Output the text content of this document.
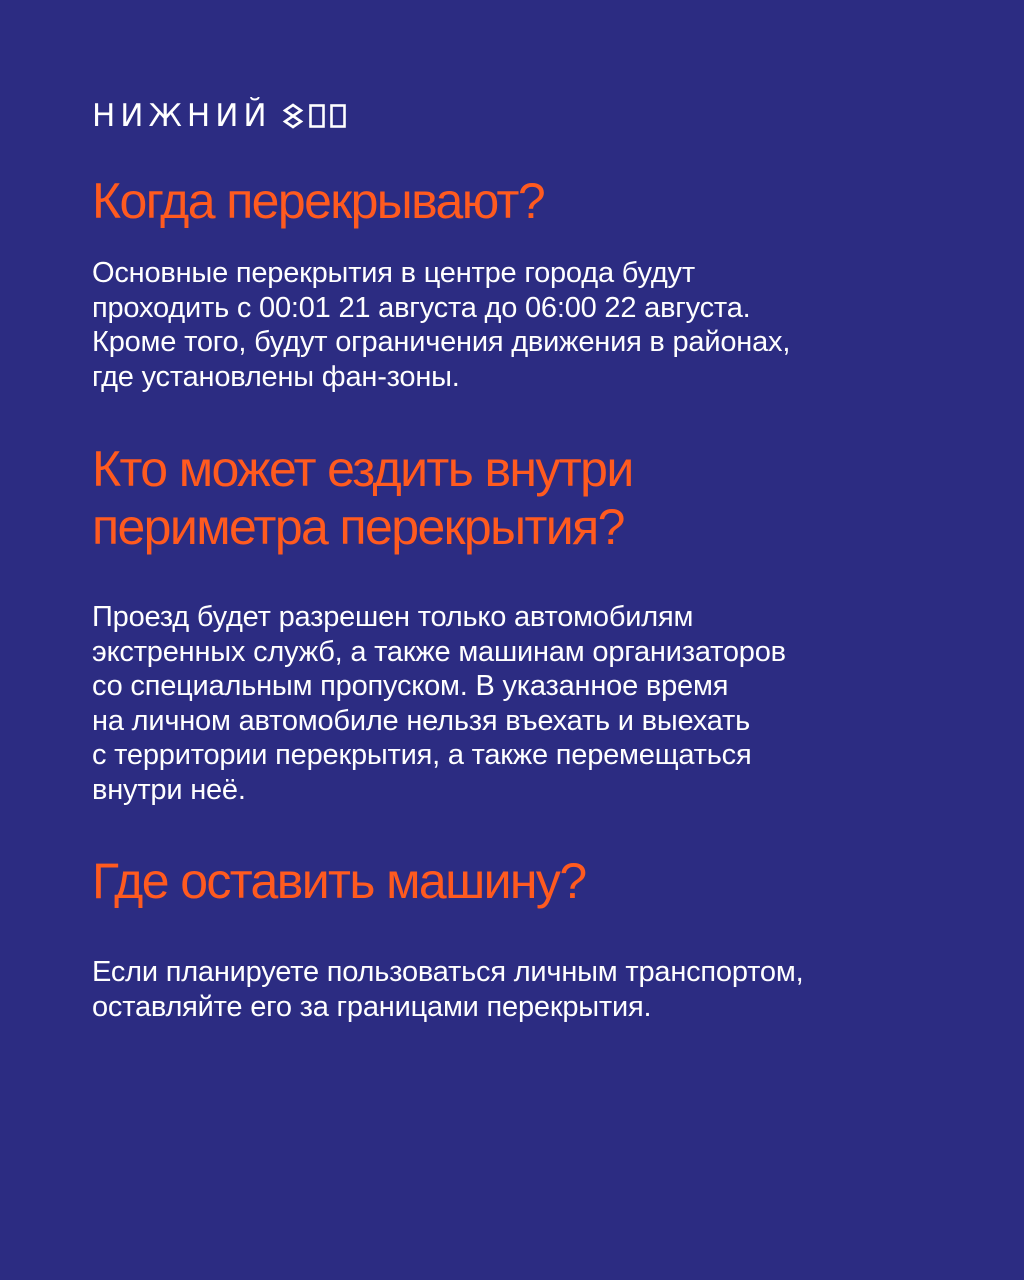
НИЖНИЙ
Когда перекрывают?

Основные перекрытия в центре города будут
проходить с 00:01 21 августа до 06:00 22 августа.
Кроме того, будут ограничения движения в районах,
где установлены фан-зоны.

Кто может ездить внутри
периметра перекрытия?

Проезд будет разрешен только автомобилям
экстренных служб, а также машинам организаторов
со специальным пропуском. В указанное время
на личном автомобиле нельзя въехать и выехать
с территории перекрытия, а также перемещаться
внутри неё.

Где оставить машину?

Если планируете пользоваться личным транспортом,
оставляйте его за границами перекрытия.
